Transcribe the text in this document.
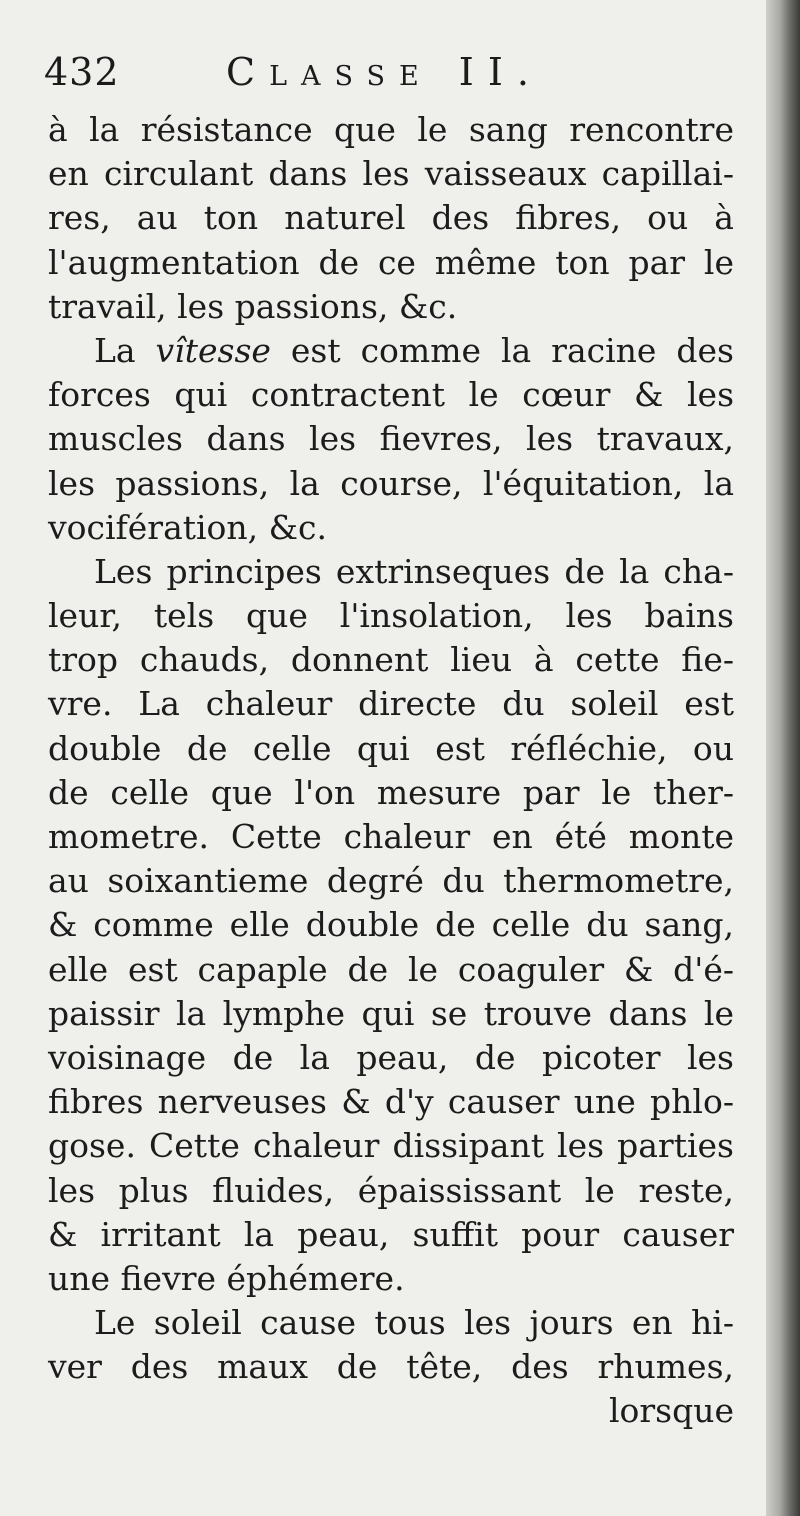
432	Classe II.
à la résistance que le sang rencontre
en circulant dans les vaisseaux capillai-
res, au ton naturel des fibres, ou à
l'augmentation de ce même ton par le
travail, les passions, &c.
La vîtesse est comme la racine des
forces qui contractent le cœur & les
muscles dans les fievres, les travaux,
les passions, la course, l'équitation, la
vocifération, &c.
Les principes extrinseques de la cha-
leur, tels que l'insolation, les bains
trop chauds, donnent lieu à cette fie-
vre. La chaleur directe du soleil est
double de celle qui est réfléchie, ou
de celle que l'on mesure par le ther-
mometre. Cette chaleur en été monte
au soixantieme degré du thermometre,
& comme elle double de celle du sang,
elle est capaple de le coaguler & d'é-
paissir la lymphe qui se trouve dans le
voisinage de la peau, de picoter les
fibres nerveuses & d'y causer une phlo-
gose. Cette chaleur dissipant les parties
les plus fluides, épaississant le reste,
& irritant la peau, suffit pour causer
une fievre éphémere.
Le soleil cause tous les jours en hi-
ver des maux de tête, des rhumes,
lorsque
